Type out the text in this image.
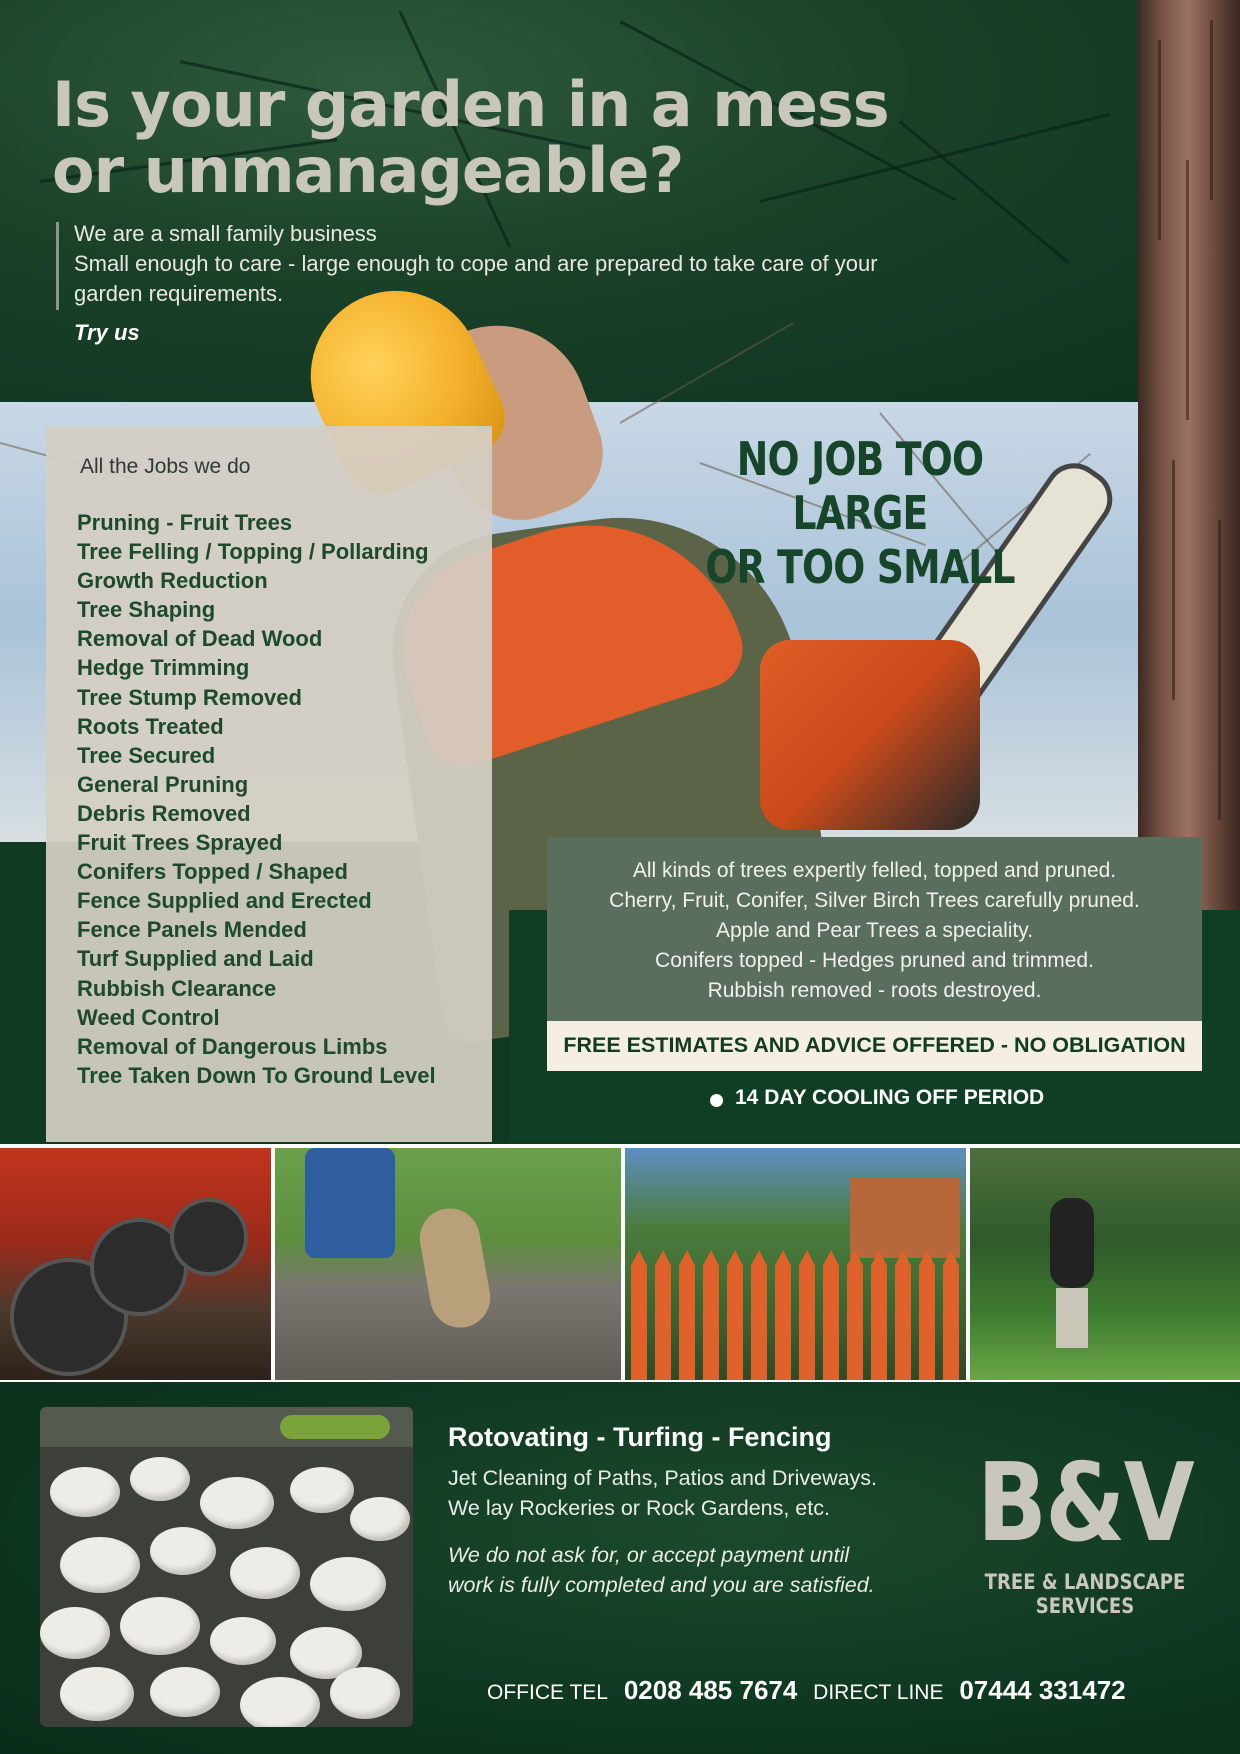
Is your garden in a mess
or unmanageable?
We are a small family business
Small enough to care - large enough to cope and are prepared to take care of your
garden requirements.
Try us
NO JOB TOO LARGE
OR TOO SMALL
All the Jobs we do
Pruning - Fruit Trees
Tree Felling / Topping / Pollarding
Growth Reduction
Tree Shaping
Removal of Dead Wood
Hedge Trimming
Tree Stump Removed
Roots Treated
Tree Secured
General Pruning
Debris Removed
Fruit Trees Sprayed
Conifers Topped / Shaped
Fence Supplied and Erected
Fence Panels Mended
Turf Supplied and Laid
Rubbish Clearance
Weed Control
Removal of Dangerous Limbs
Tree Taken Down To Ground Level
All kinds of trees expertly felled, topped and pruned.
Cherry, Fruit, Conifer, Silver Birch Trees carefully pruned.
Apple and Pear Trees a speciality.
Conifers topped - Hedges pruned and trimmed.
Rubbish removed - roots destroyed.
FREE ESTIMATES AND ADVICE OFFERED - NO OBLIGATION
14 DAY COOLING OFF PERIOD
Rotovating - Turfing - Fencing
Jet Cleaning of Paths, Patios and Driveways.
We lay Rockeries or Rock Gardens, etc.
We do not ask for, or accept payment until
work is fully completed and you are satisfied.
B&V
TREE & LANDSCAPE SERVICES
OFFICE TEL 0208 485 7674 DIRECT LINE 07444 331472
